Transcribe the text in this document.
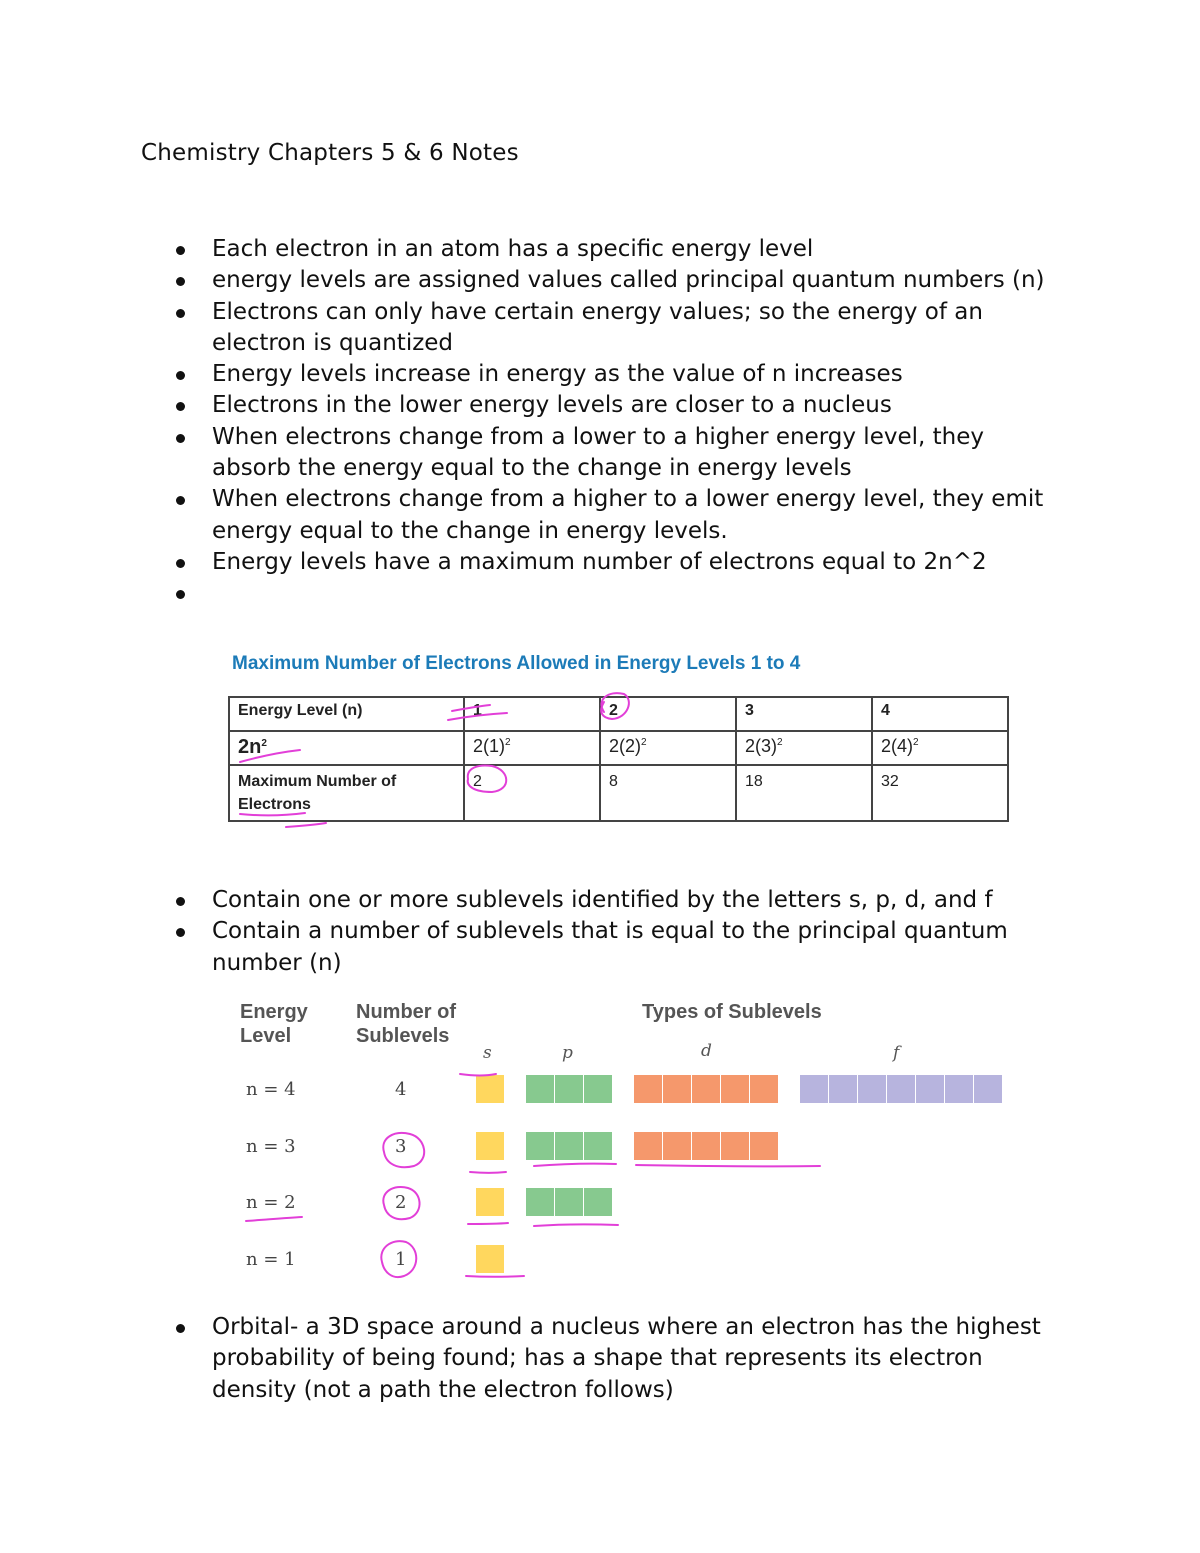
Chemistry Chapters 5 & 6 Notes
Each electron in an atom has a specific energy level
energy levels are assigned values called principal quantum numbers (n)
Electrons can only have certain energy values; so the energy of an electron is quantized
Energy levels increase in energy as the value of n increases
Electrons in the lower energy levels are closer to a nucleus
When electrons change from a lower to a higher energy level, they absorb the energy equal to the change in energy levels
When electrons change from a higher to a lower energy level, they emit energy equal to the change in energy levels.
Energy levels have a maximum number of electrons equal to 2n^2

Maximum Number of Electrons Allowed in Energy Levels 1 to 4
Energy Level (n)	1	2	3	4
$2n^2$	$2(1)^2$	$2(2)^2$	$2(3)^2$	$2(4)^2$
Maximum Number of Electrons	2	8	18	32
Contain one or more sublevels identified by the letters s, p, d, and f
Contain a number of sublevels that is equal to the principal quantum number (n)
Energy Level
Number of Sublevels
Types of Sublevels
s	p	d	f
n = 4	4
n = 3	3
n = 2	2
n = 1	1
Orbital- a 3D space around a nucleus where an electron has the highest probability of being found; has a shape that represents its electron density (not a path the electron follows)
